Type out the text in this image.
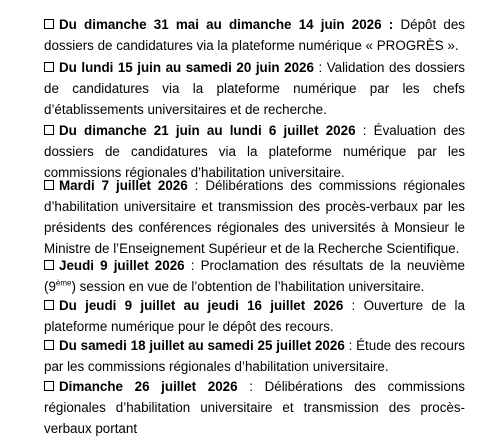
Du dimanche 31 mai au dimanche 14 juin 2026 : Dépôt des dossiers de candidatures via la plateforme numérique « PROGRÈS ».
Du lundi 15 juin au samedi 20 juin 2026 : Validation des dossiers de candidatures via la plateforme numérique par les chefs d’établissements universitaires et de recherche.
Du dimanche 21 juin au lundi 6 juillet 2026 : Évaluation des dossiers de candidatures via la plateforme numérique par les commissions régionales d’habilitation universitaire.
Mardi 7 juillet 2026 : Délibérations des commissions régionales d’habilitation universitaire et transmission des procès-verbaux par les présidents des conférences régionales des universités à Monsieur le Ministre de l’Enseignement Supérieur et de la Recherche Scientifique.
Jeudi 9 juillet 2026 : Proclamation des résultats de la neuvième (9ème) session en vue de l’obtention de l’habilitation universitaire.
Du jeudi 9 juillet au jeudi 16 juillet 2026 : Ouverture de la plateforme numérique pour le dépôt des recours.
Du samedi 18 juillet au samedi 25 juillet 2026 : Étude des recours par les commissions régionales d’habilitation universitaire.
Dimanche 26 juillet 2026 : Délibérations des commissions régionales d’habilitation universitaire et transmission des procès-verbaux portant
